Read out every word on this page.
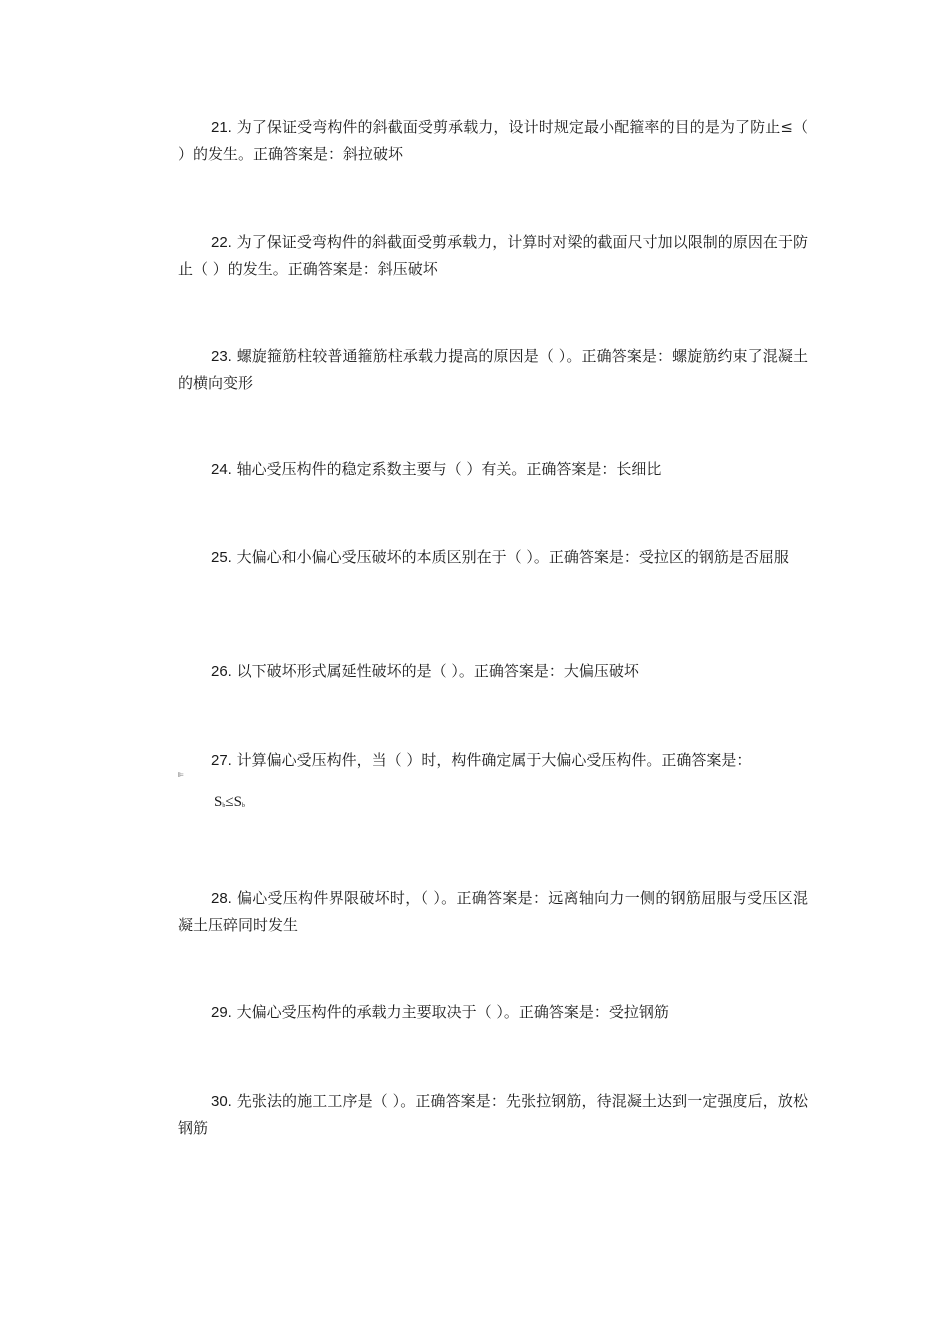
21. 为了保证受弯构件的斜截面受剪承载力，设计时规定最小配箍率的目的是为了防止≤（ ）的发生。正确答案是：斜拉破坏

22. 为了保证受弯构件的斜截面受剪承载力，计算时对梁的截面尺寸加以限制的原因在于防止（ ）的发生。正确答案是：斜压破坏

23. 螺旋箍筋柱较普通箍筋柱承载力提高的原因是（ ）。正确答案是：螺旋筋约束了混凝土的横向变形

24. 轴心受压构件的稳定系数主要与（ ）有关。正确答案是：长细比

25. 大偏心和小偏心受压破坏的本质区别在于（ ）。正确答案是：受拉区的钢筋是否屈服

26. 以下破坏形式属延性破坏的是（ ）。正确答案是：大偏压破坏

27. 计算偏心受压构件，当（ ）时，构件确定属于大偏心受压构件。正确答案是：

⊫
$S_b\le S_b$

28. 偏心受压构件界限破坏时，（ ）。正确答案是：远离轴向力一侧的钢筋屈服与受压区混凝土压碎同时发生

29. 大偏心受压构件的承载力主要取决于（ ）。正确答案是：受拉钢筋

30. 先张法的施工工序是（ ）。正确答案是：先张拉钢筋，待混凝土达到一定强度后，放松钢筋
